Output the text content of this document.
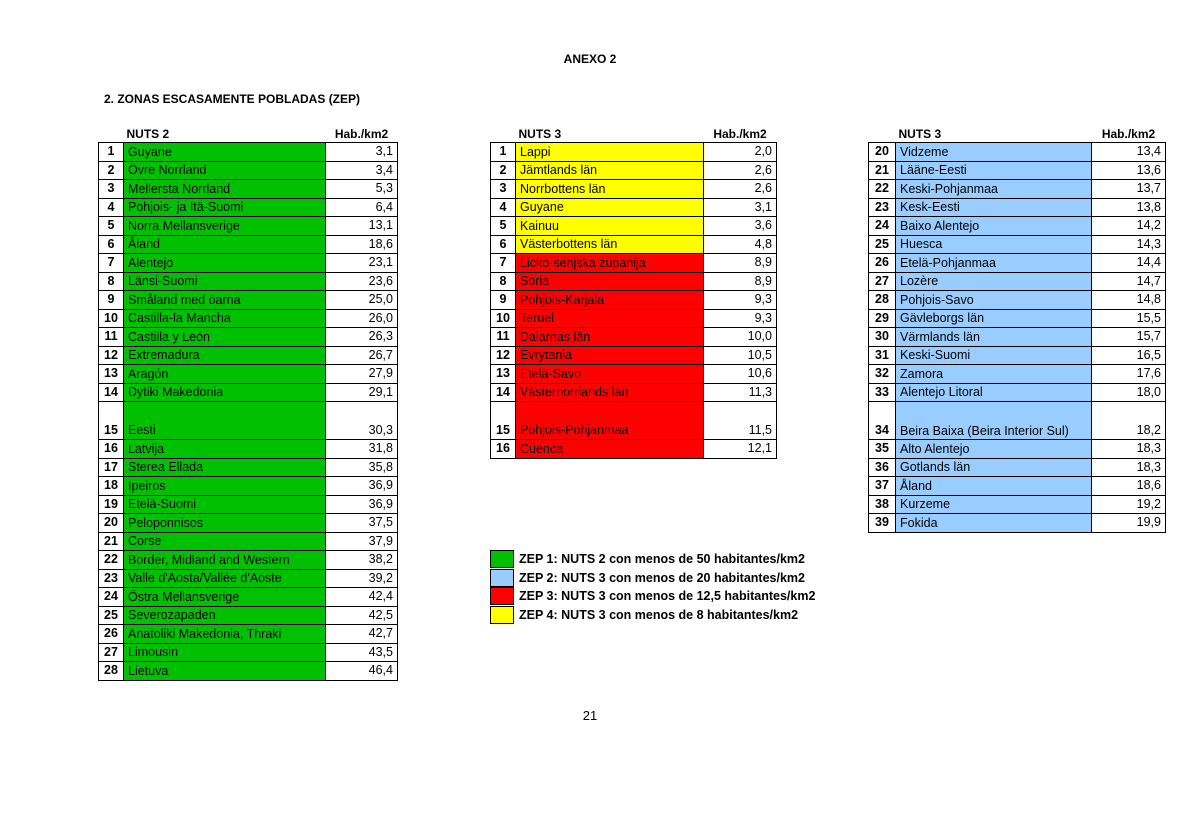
ANEXO 2
2. ZONAS ESCASAMENTE POBLADAS (ZEP)
	NUTS 2	Hab./km2
1	Guyane	3,1
2	Övre Norrland	3,4
3	Mellersta Norrland	5,3
4	Pohjois- ja Itä-Suomi	6,4
5	Norra Mellansverige	13,1
6	Åland	18,6
7	Alentejo	23,1
8	Länsi-Suomi	23,6
9	Småland med öarna	25,0
10	Castilla-la Mancha	26,0
11	Castilla y León	26,3
12	Extremadura	26,7
13	Aragón	27,9
14	Dytiki Makedonia	29,1
15	Eesti	30,3
16	Latvija	31,8
17	Sterea Ellada	35,8
18	Ipeiros	36,9
19	Etelä-Suomi	36,9
20	Peloponnisos	37,5
21	Corse	37,9
22	Border, Midland and Western	38,2
23	Valle d'Aosta/Vallée d'Aoste	39,2
24	Östra Mellansverige	42,4
25	Severozapaden	42,5
26	Anatoliki Makedonia, Thraki	42,7
27	Limousin	43,5
28	Lietuva	46,4
	NUTS 3	Hab./km2
1	Lappi	2,0
2	Jämtlands län	2,6
3	Norrbottens län	2,6
4	Guyane	3,1
5	Kainuu	3,6
6	Västerbottens län	4,8
7	Licko-senjska zupanija	8,9
8	Soria	8,9
9	Pohjois-Karjala	9,3
10	Teruel	9,3
11	Dalarnas län	10,0
12	Evrytania	10,5
13	Etelä-Savo	10,6
14	Västernorrlands län	11,3
15	Pohjois-Pohjanmaa	11,5
16	Cuenca	12,1
	NUTS 3	Hab./km2
20	Vidzeme	13,4
21	Lääne-Eesti	13,6
22	Keski-Pohjanmaa	13,7
23	Kesk-Eesti	13,8
24	Baixo Alentejo	14,2
25	Huesca	14,3
26	Etelä-Pohjanmaa	14,4
27	Lozère	14,7
28	Pohjois-Savo	14,8
29	Gävleborgs län	15,5
30	Värmlands län	15,7
31	Keski-Suomi	16,5
32	Zamora	17,6
33	Alentejo Litoral	18,0
34	Beira Baixa (Beira Interior Sul)	18,2
35	Alto Alentejo	18,3
36	Gotlands län	18,3
37	Åland	18,6
38	Kurzeme	19,2
39	Fokida	19,9
ZEP 1: NUTS 2 con menos de 50 habitantes/km2
ZEP 2: NUTS 3 con menos de 20 habitantes/km2
ZEP 3: NUTS 3 con menos de 12,5 habitantes/km2
ZEP 4: NUTS 3 con menos de 8 habitantes/km2
21
